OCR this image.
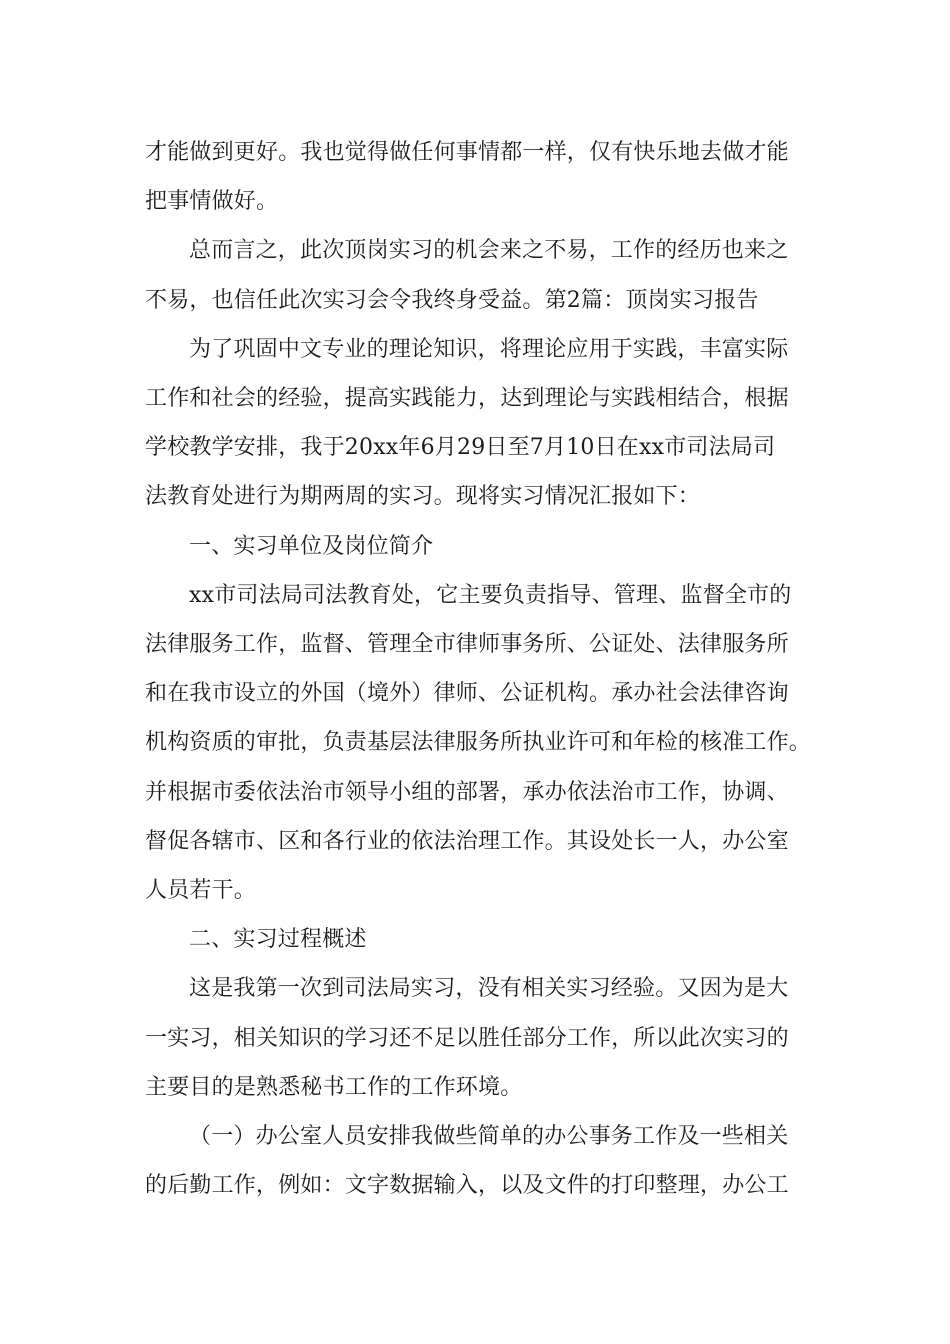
才能做到更好。我也觉得做任何事情都一样，仅有快乐地去做才能
把事情做好。

总而言之，此次顶岗实习的机会来之不易，工作的经历也来之
不易，也信任此次实习会令我终身受益。第2篇：顶岗实习报告

为了巩固中文专业的理论知识，将理论应用于实践，丰富实际
工作和社会的经验，提高实践能力，达到理论与实践相结合，根据
学校教学安排，我于20xx年6月29日至7月10日在xx市司法局司
法教育处进行为期两周的实习。现将实习情况汇报如下：

一、实习单位及岗位简介

xx市司法局司法教育处，它主要负责指导、管理、监督全市的
法律服务工作，监督、管理全市律师事务所、公证处、法律服务所
和在我市设立的外国（境外）律师、公证机构。承办社会法律咨询
机构资质的审批，负责基层法律服务所执业许可和年检的核准工作。
并根据市委依法治市领导小组的部署，承办依法治市工作，协调、
督促各辖市、区和各行业的依法治理工作。其设处长一人，办公室
人员若干。

二、实习过程概述

这是我第一次到司法局实习，没有相关实习经验。又因为是大
一实习，相关知识的学习还不足以胜任部分工作，所以此次实习的
主要目的是熟悉秘书工作的工作环境。

（一）办公室人员安排我做些简单的办公事务工作及一些相关
的后勤工作，例如：文字数据输入，以及文件的打印整理，办公工
